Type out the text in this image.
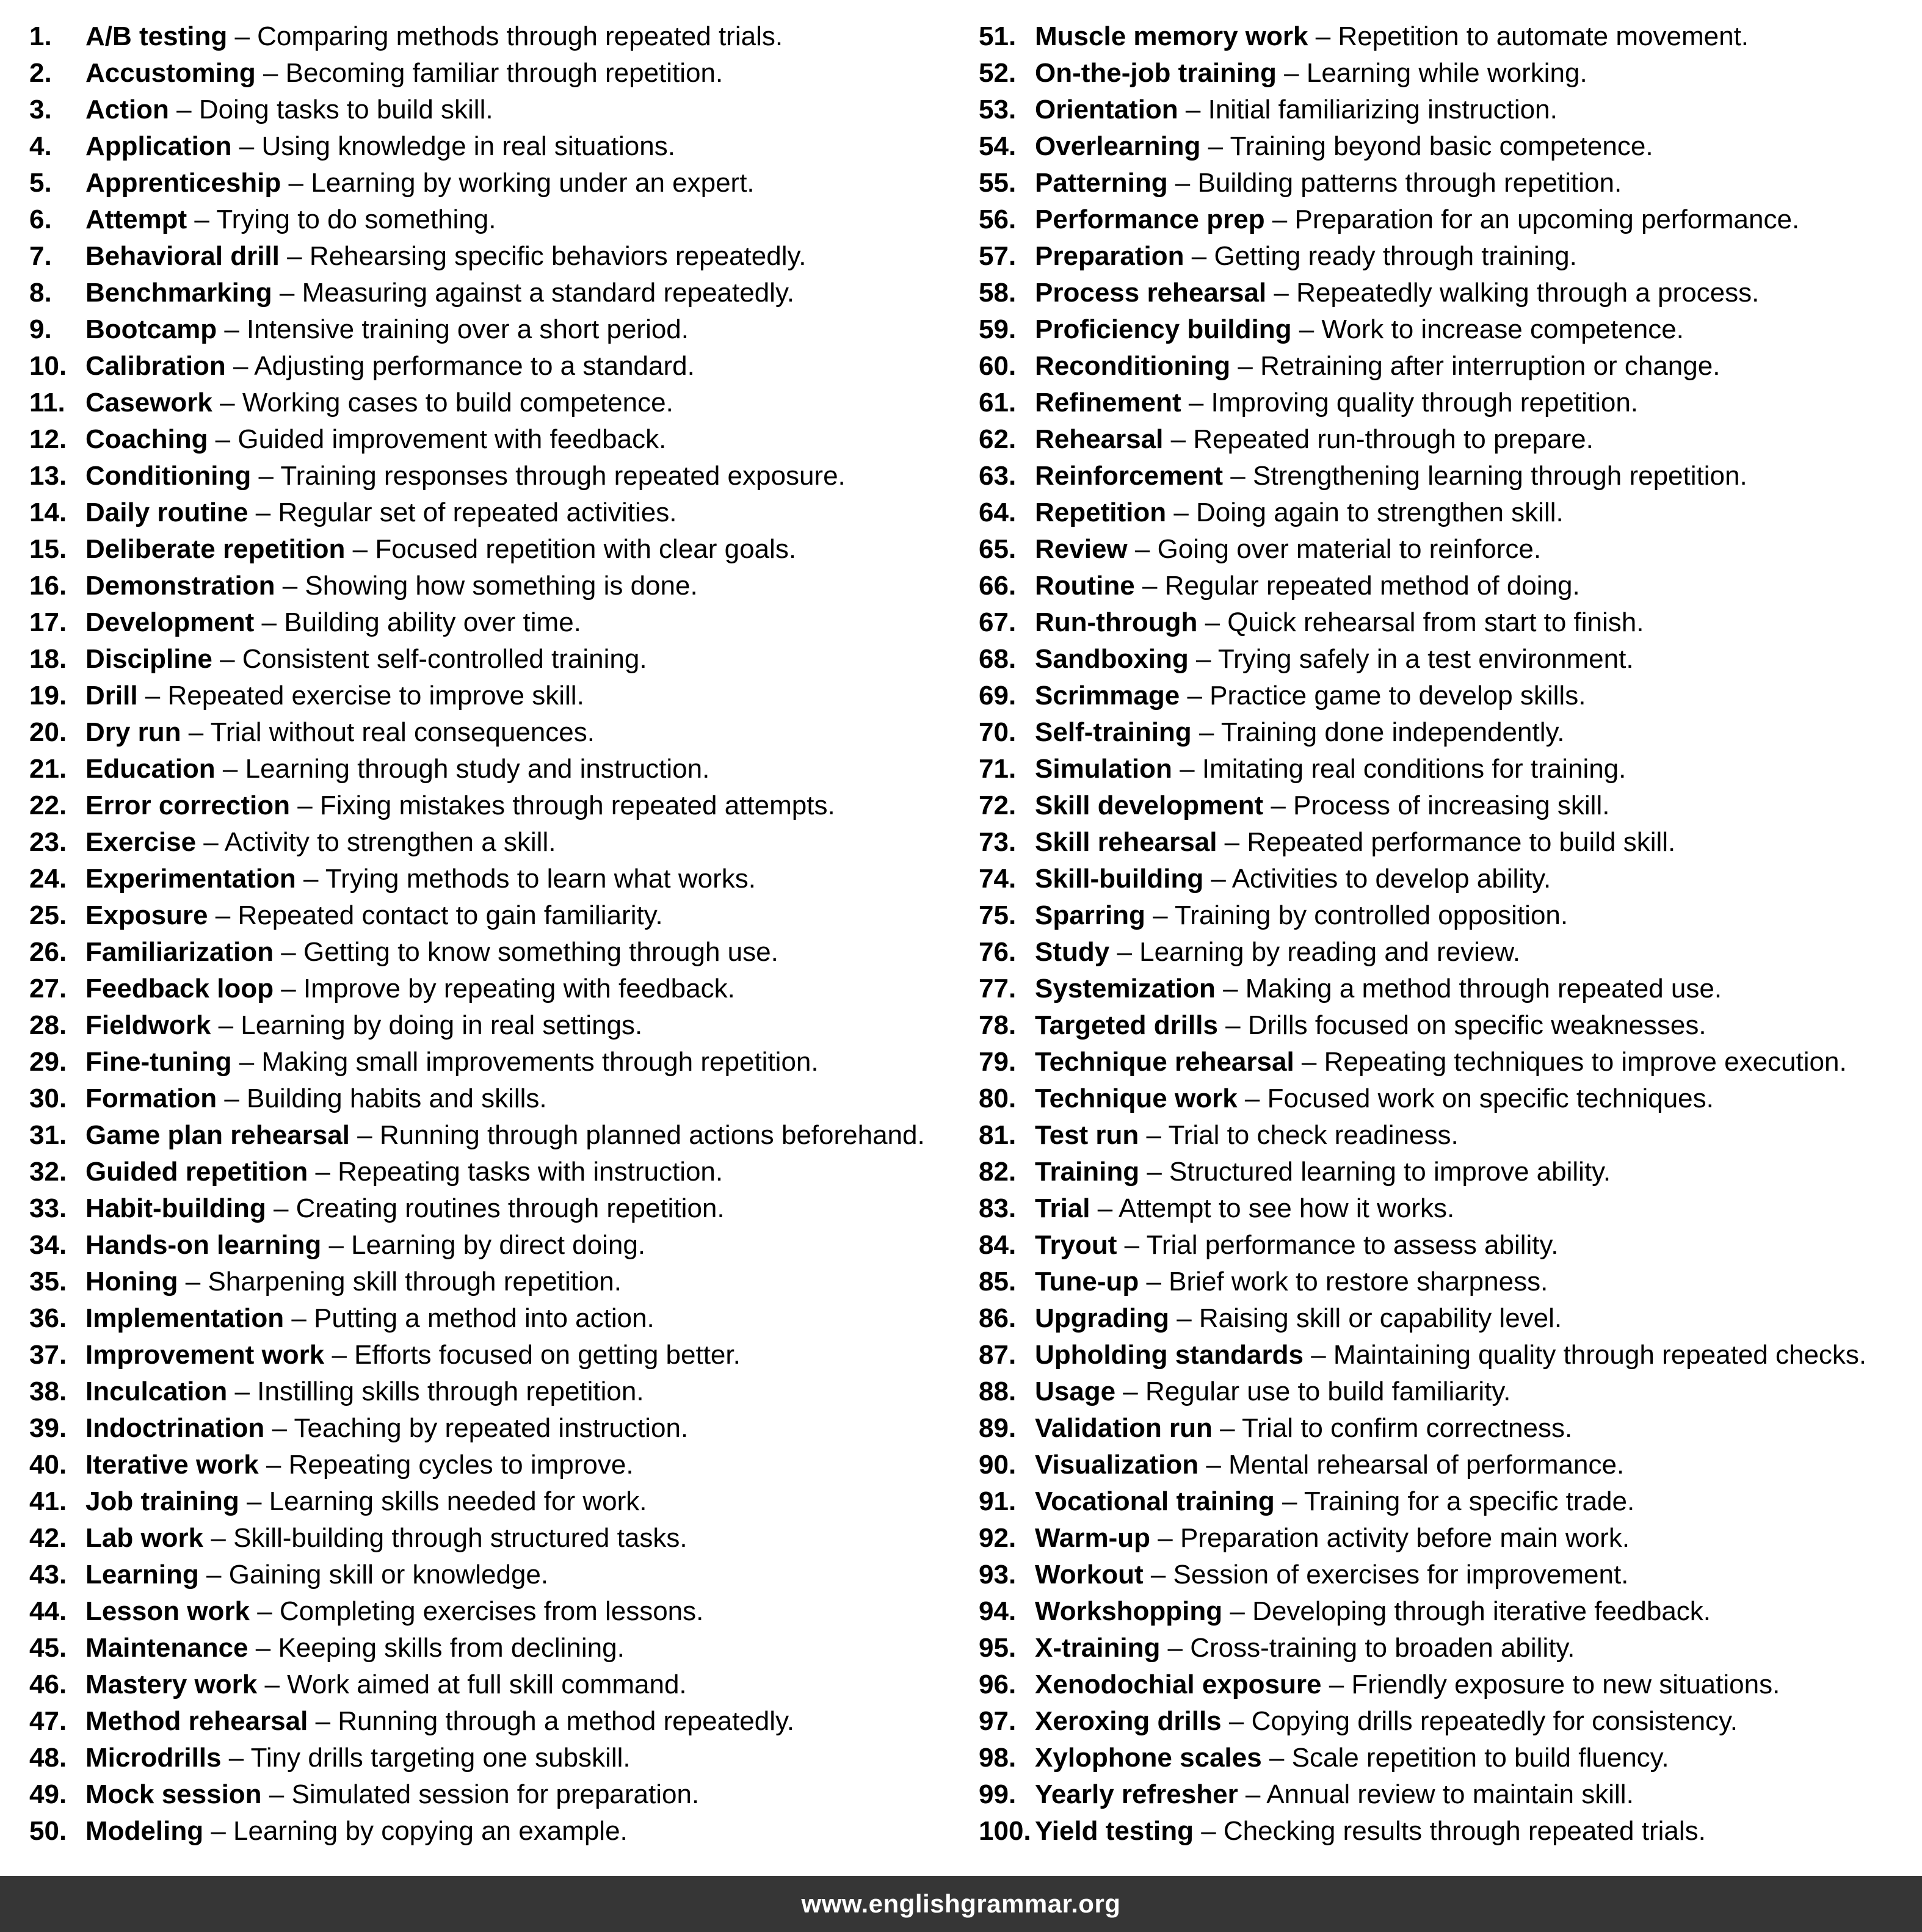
1.	A/B testing – Comparing methods through repeated trials.
2.	Accustoming – Becoming familiar through repetition.
3.	Action – Doing tasks to build skill.
4.	Application – Using knowledge in real situations.
5.	Apprenticeship – Learning by working under an expert.
6.	Attempt – Trying to do something.
7.	Behavioral drill – Rehearsing specific behaviors repeatedly.
8.	Benchmarking – Measuring against a standard repeatedly.
9.	Bootcamp – Intensive training over a short period.
10. Calibration – Adjusting performance to a standard.
11. Casework – Working cases to build competence.
12. Coaching – Guided improvement with feedback.
13. Conditioning – Training responses through repeated exposure.
14. Daily routine – Regular set of repeated activities.
15. Deliberate repetition – Focused repetition with clear goals.
16. Demonstration – Showing how something is done.
17. Development – Building ability over time.
18. Discipline – Consistent self-controlled training.
19. Drill – Repeated exercise to improve skill.
20. Dry run – Trial without real consequences.
21. Education – Learning through study and instruction.
22. Error correction – Fixing mistakes through repeated attempts.
23. Exercise – Activity to strengthen a skill.
24. Experimentation – Trying methods to learn what works.
25. Exposure – Repeated contact to gain familiarity.
26. Familiarization – Getting to know something through use.
27. Feedback loop – Improve by repeating with feedback.
28. Fieldwork – Learning by doing in real settings.
29. Fine-tuning – Making small improvements through repetition.
30. Formation – Building habits and skills.
31. Game plan rehearsal – Running through planned actions beforehand.
32. Guided repetition – Repeating tasks with instruction.
33. Habit-building – Creating routines through repetition.
34. Hands-on learning – Learning by direct doing.
35. Honing – Sharpening skill through repetition.
36. Implementation – Putting a method into action.
37. Improvement work – Efforts focused on getting better.
38. Inculcation – Instilling skills through repetition.
39. Indoctrination – Teaching by repeated instruction.
40. Iterative work – Repeating cycles to improve.
41. Job training – Learning skills needed for work.
42. Lab work – Skill-building through structured tasks.
43. Learning – Gaining skill or knowledge.
44. Lesson work – Completing exercises from lessons.
45. Maintenance – Keeping skills from declining.
46. Mastery work – Work aimed at full skill command.
47. Method rehearsal – Running through a method repeatedly.
48. Microdrills – Tiny drills targeting one subskill.
49. Mock session – Simulated session for preparation.
50. Modeling – Learning by copying an example.
51. Muscle memory work – Repetition to automate movement.
52. On-the-job training – Learning while working.
53. Orientation – Initial familiarizing instruction.
54. Overlearning – Training beyond basic competence.
55. Patterning – Building patterns through repetition.
56. Performance prep – Preparation for an upcoming performance.
57. Preparation – Getting ready through training.
58. Process rehearsal – Repeatedly walking through a process.
59. Proficiency building – Work to increase competence.
60. Reconditioning – Retraining after interruption or change.
61. Refinement – Improving quality through repetition.
62. Rehearsal – Repeated run-through to prepare.
63. Reinforcement – Strengthening learning through repetition.
64. Repetition – Doing again to strengthen skill.
65. Review – Going over material to reinforce.
66. Routine – Regular repeated method of doing.
67. Run-through – Quick rehearsal from start to finish.
68. Sandboxing – Trying safely in a test environment.
69. Scrimmage – Practice game to develop skills.
70. Self-training – Training done independently.
71. Simulation – Imitating real conditions for training.
72. Skill development – Process of increasing skill.
73. Skill rehearsal – Repeated performance to build skill.
74. Skill-building – Activities to develop ability.
75. Sparring – Training by controlled opposition.
76. Study – Learning by reading and review.
77. Systemization – Making a method through repeated use.
78. Targeted drills – Drills focused on specific weaknesses.
79. Technique rehearsal – Repeating techniques to improve execution.
80. Technique work – Focused work on specific techniques.
81. Test run – Trial to check readiness.
82. Training – Structured learning to improve ability.
83. Trial – Attempt to see how it works.
84. Tryout – Trial performance to assess ability.
85. Tune-up – Brief work to restore sharpness.
86. Upgrading – Raising skill or capability level.
87. Upholding standards – Maintaining quality through repeated checks.
88. Usage – Regular use to build familiarity.
89. Validation run – Trial to confirm correctness.
90. Visualization – Mental rehearsal of performance.
91. Vocational training – Training for a specific trade.
92. Warm-up – Preparation activity before main work.
93. Workout – Session of exercises for improvement.
94. Workshopping – Developing through iterative feedback.
95. X-training – Cross-training to broaden ability.
96. Xenodochial exposure – Friendly exposure to new situations.
97. Xeroxing drills – Copying drills repeatedly for consistency.
98. Xylophone scales – Scale repetition to build fluency.
99. Yearly refresher – Annual review to maintain skill.
100. Yield testing – Checking results through repeated trials.
www.englishgrammar.org
